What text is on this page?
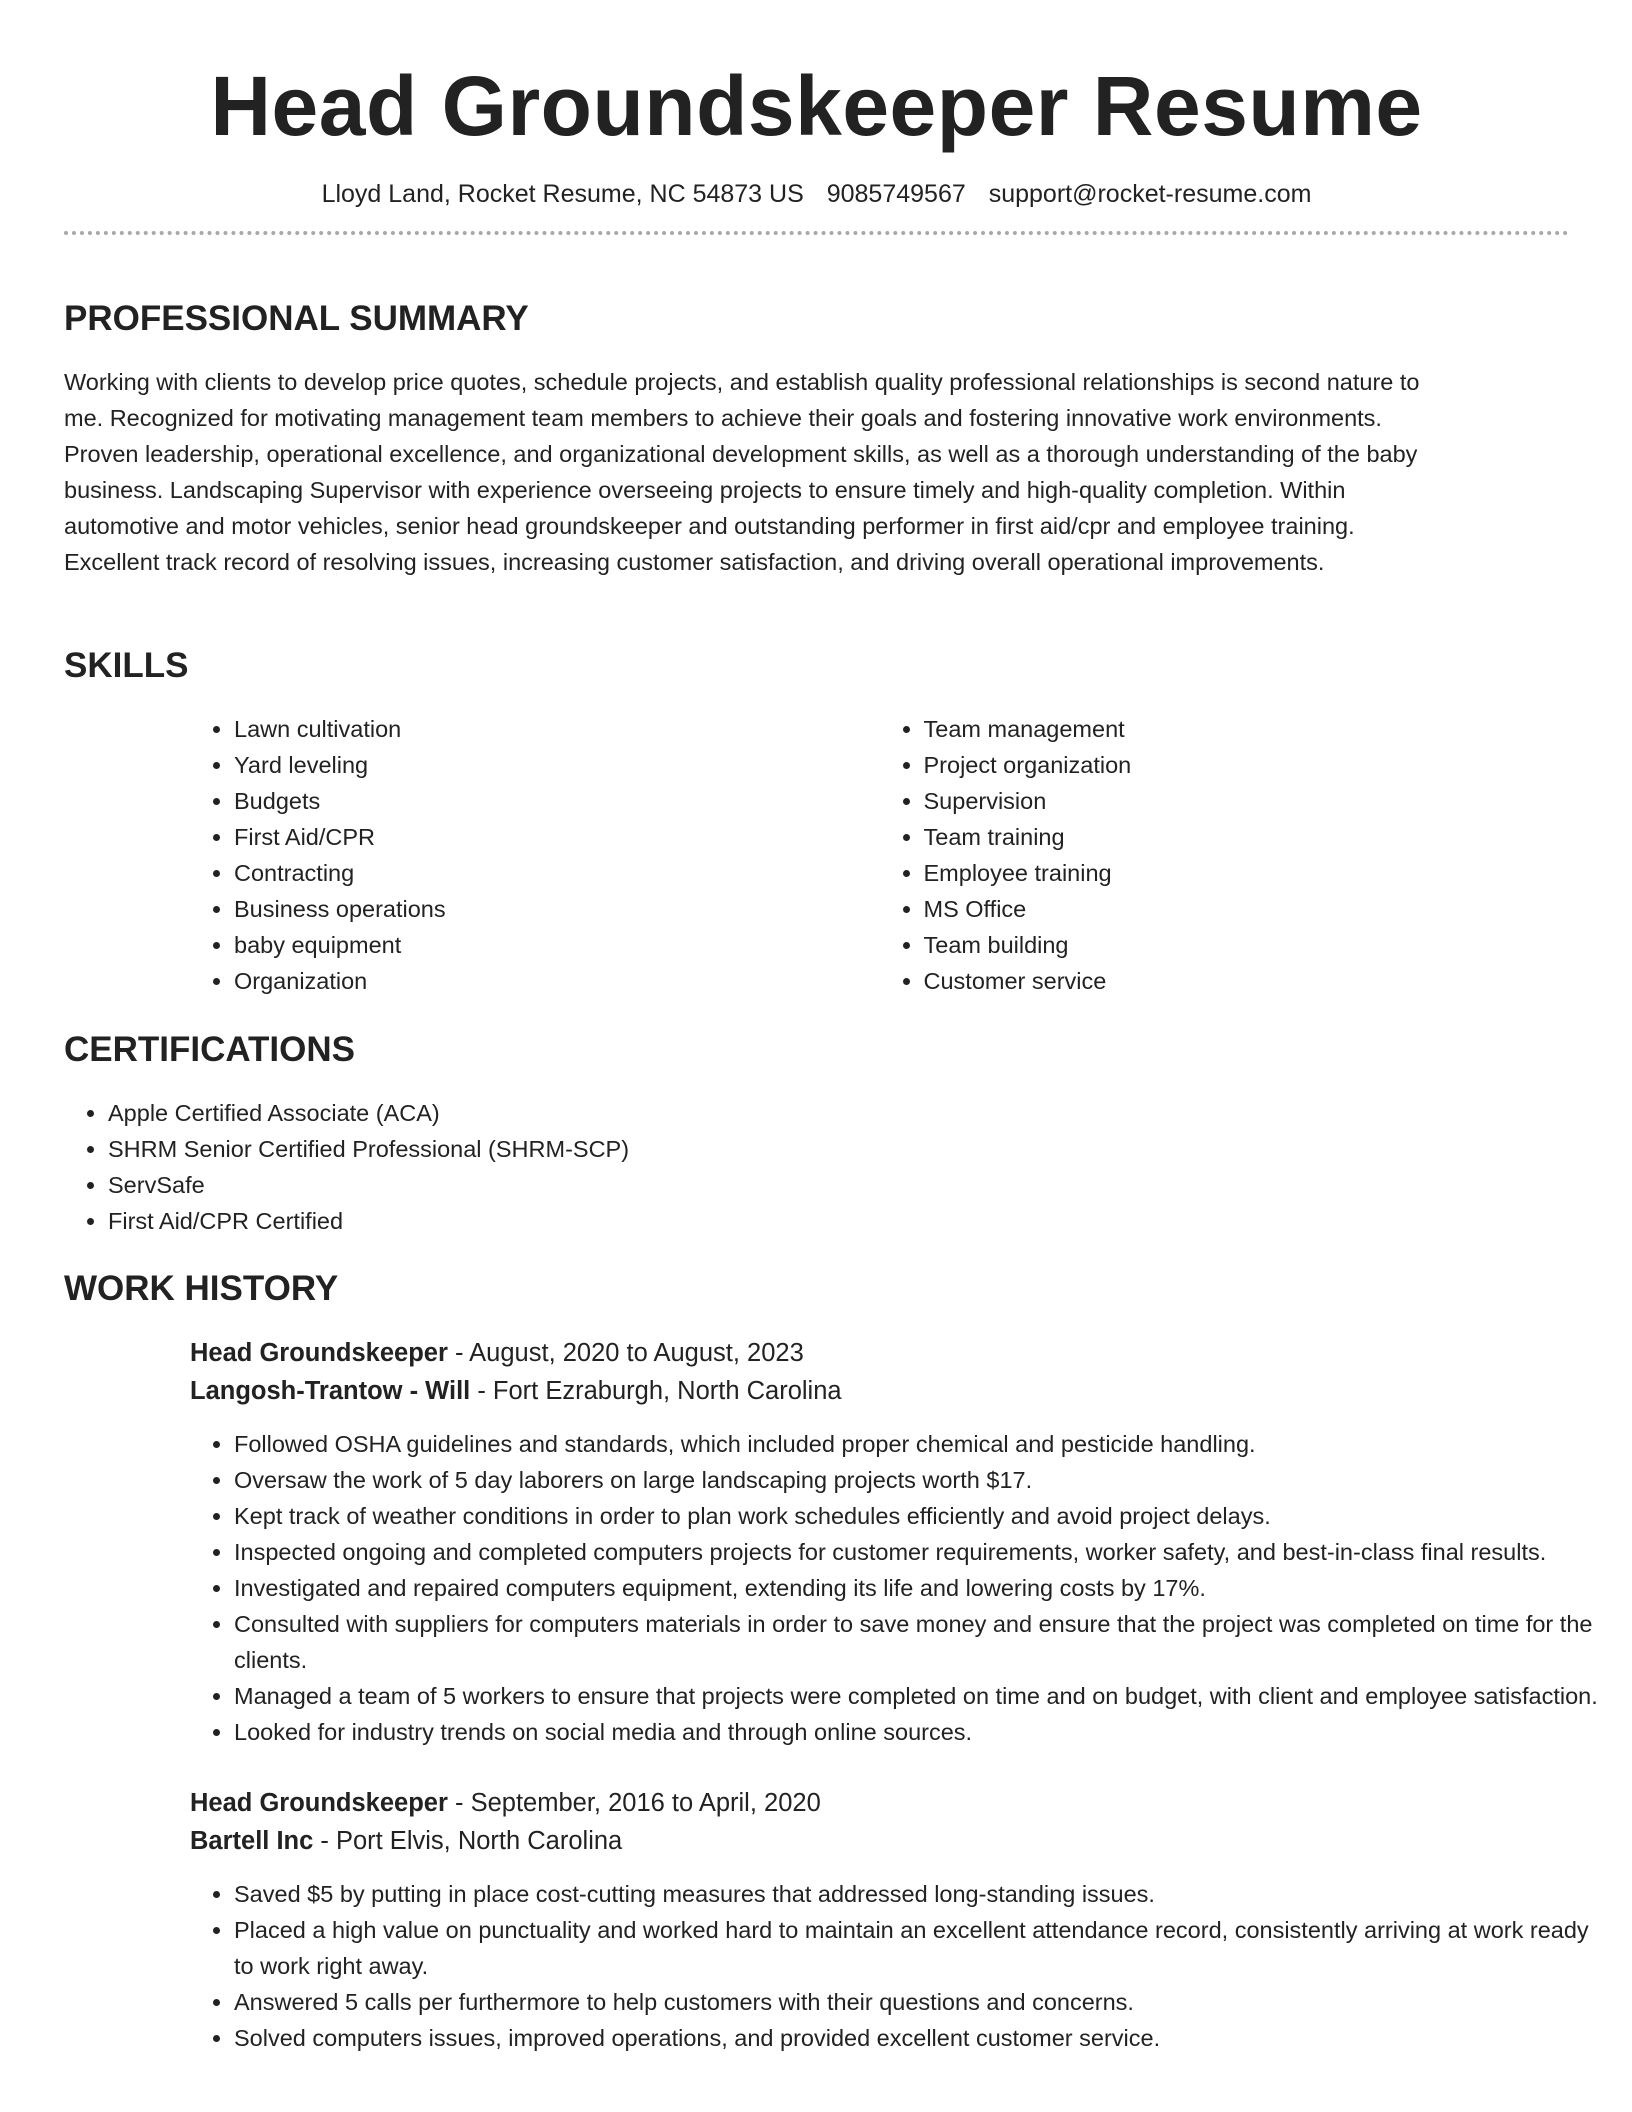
Head Groundskeeper Resume
Lloyd Land, Rocket Resume, NC 54873 US 9085749567 support@rocket-resume.com
PROFESSIONAL SUMMARY

Working with clients to develop price quotes, schedule projects, and establish quality professional relationships is second nature to me. Recognized for motivating management team members to achieve their goals and fostering innovative work environments. Proven leadership, operational excellence, and organizational development skills, as well as a thorough understanding of the baby business. Landscaping Supervisor with experience overseeing projects to ensure timely and high-quality completion. Within automotive and motor vehicles, senior head groundskeeper and outstanding performer in first aid/cpr and employee training. Excellent track record of resolving issues, increasing customer satisfaction, and driving overall operational improvements.

SKILLS
• Lawn cultivation
• Yard leveling
• Budgets
• First Aid/CPR
• Contracting
• Business operations
• baby equipment
• Organization
• Team management
• Project organization
• Supervision
• Team training
• Employee training
• MS Office
• Team building
• Customer service
CERTIFICATIONS
• Apple Certified Associate (ACA)
• SHRM Senior Certified Professional (SHRM-SCP)
• ServSafe
• First Aid/CPR Certified
WORK HISTORY
Head Groundskeeper - August, 2020 to August, 2023
Langosh-Trantow - Will - Fort Ezraburgh, North Carolina
• Followed OSHA guidelines and standards, which included proper chemical and pesticide handling.
• Oversaw the work of 5 day laborers on large landscaping projects worth $17.
• Kept track of weather conditions in order to plan work schedules efficiently and avoid project delays.
• Inspected ongoing and completed computers projects for customer requirements, worker safety, and best-in-class final results.
• Investigated and repaired computers equipment, extending its life and lowering costs by 17%.
• Consulted with suppliers for computers materials in order to save money and ensure that the project was completed on time for the clients.
• Managed a team of 5 workers to ensure that projects were completed on time and on budget, with client and employee satisfaction.
• Looked for industry trends on social media and through online sources.
Head Groundskeeper - September, 2016 to April, 2020
Bartell Inc - Port Elvis, North Carolina
• Saved $5 by putting in place cost-cutting measures that addressed long-standing issues.
• Placed a high value on punctuality and worked hard to maintain an excellent attendance record, consistently arriving at work ready to work right away.
• Answered 5 calls per furthermore to help customers with their questions and concerns.
• Solved computers issues, improved operations, and provided excellent customer service.
